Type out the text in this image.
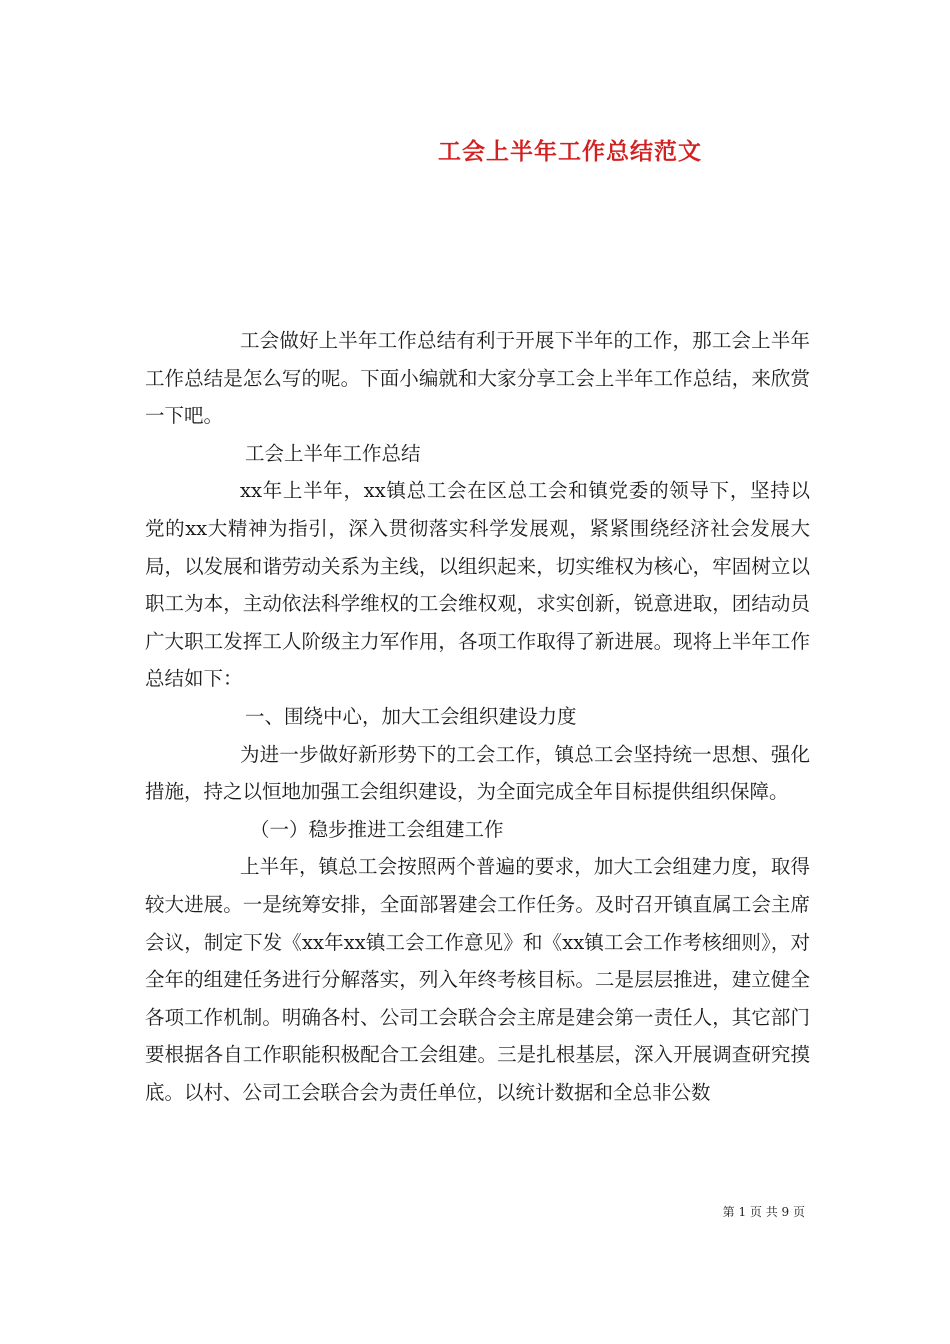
工会上半年工作总结范文

工会做好上半年工作总结有利于开展下半年的工作，那工会上半年工作总结是怎么写的呢。下面小编就和大家分享工会上半年工作总结，来欣赏一下吧。

工会上半年工作总结

xx年上半年，xx镇总工会在区总工会和镇党委的领导下，坚持以党的xx大精神为指引，深入贯彻落实科学发展观，紧紧围绕经济社会发展大局，以发展和谐劳动关系为主线，以组织起来，切实维权为核心，牢固树立以职工为本，主动依法科学维权的工会维权观，求实创新，锐意进取，团结动员广大职工发挥工人阶级主力军作用，各项工作取得了新进展。现将上半年工作总结如下：

一、围绕中心，加大工会组织建设力度

为进一步做好新形势下的工会工作，镇总工会坚持统一思想、强化措施，持之以恒地加强工会组织建设，为全面完成全年目标提供组织保障。

（一）稳步推进工会组建工作

上半年，镇总工会按照两个普遍的要求，加大工会组建力度，取得较大进展。一是统筹安排，全面部署建会工作任务。及时召开镇直属工会主席会议，制定下发《xx年xx镇工会工作意见》和《xx镇工会工作考核细则》，对全年的组建任务进行分解落实，列入年终考核目标。二是层层推进，建立健全各项工作机制。明确各村、公司工会联合会主席是建会第一责任人，其它部门要根据各自工作职能积极配合工会组建。三是扎根基层，深入开展调查研究摸底。以村、公司工会联合会为责任单位，以统计数据和全总非公数

第 1 页 共 9 页
